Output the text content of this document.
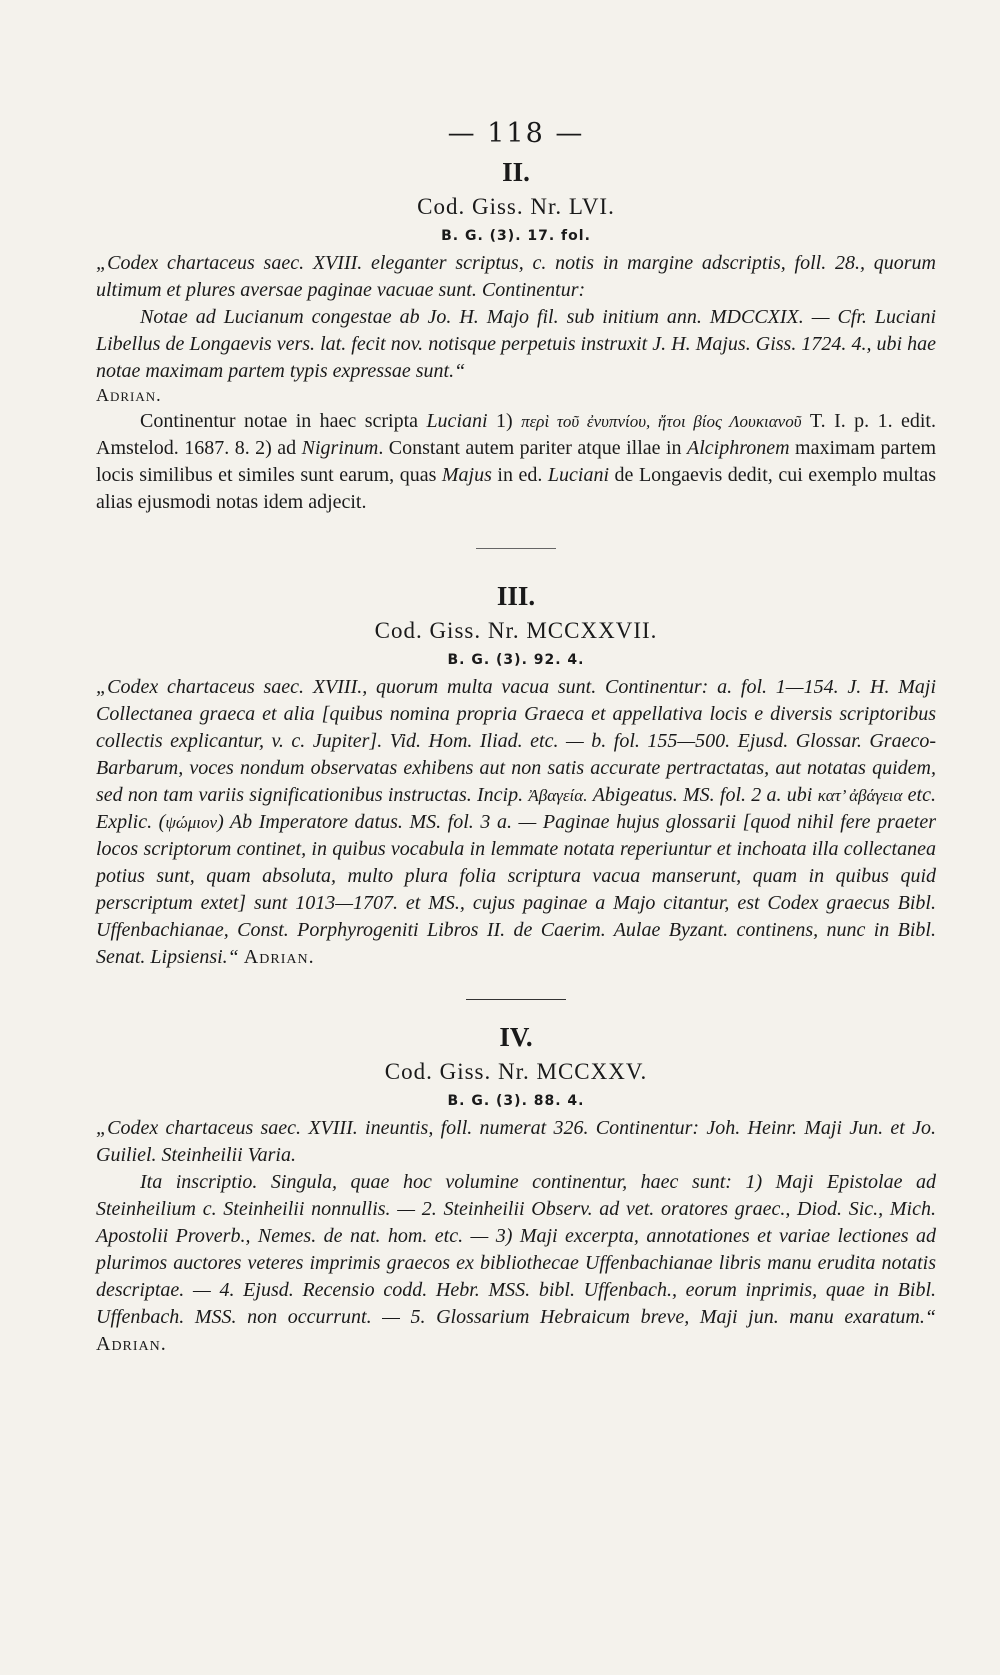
— 118 —
II.
Cod. Giss. Nr. LVI.
B. G. (3). 17. fol.

„Codex chartaceus saec. XVIII. eleganter scriptus, c. notis in margine adscriptis, foll. 28., quorum ultimum et plures aversae paginae vacuae sunt. Continentur:

Notae ad Lucianum congestae ab Jo. H. Majo fil. sub initium ann. MDCCXIX. — Cfr. Luciani Libellus de Longaevis vers. lat. fecit nov. notisque perpetuis instruxit J. H. Majus. Giss. 1724. 4., ubi hae notae maximam partem typis expressae sunt.“

Adrian.

Continentur notae in haec scripta Luciani 1) περὶ τοῦ ἐνυπνίου, ἤτοι βίος Λουκιανοῦ T. I. p. 1. edit. Amstelod. 1687. 8. 2) ad Nigrinum. Constant autem pariter atque illae in Alciphronem maximam partem locis similibus et similes sunt earum, quas Majus in ed. Luciani de Longaevis dedit, cui exemplo multas alias ejusmodi notas idem adjecit.

III.
Cod. Giss. Nr. MCCXXVII.
B. G. (3). 92. 4.

„Codex chartaceus saec. XVIII., quorum multa vacua sunt. Continentur: a. fol. 1—154. J. H. Maji Collectanea graeca et alia [quibus nomina propria Graeca et appellativa locis e diversis scriptoribus collectis explicantur, v. c. Jupiter]. Vid. Hom. Iliad. etc. — b. fol. 155—500. Ejusd. Glossar. Graeco-Barbarum, voces nondum observatas exhibens aut non satis accurate pertractatas, aut notatas quidem, sed non tam variis significationibus instructas. Incip. Ἀβαγεία. Abigeatus. MS. fol. 2 a. ubi κατ’ ἀβάγεια etc. Explic. (ψώμιον) Ab Imperatore datus. MS. fol. 3 a. — Paginae hujus glossarii [quod nihil fere praeter locos scriptorum continet, in quibus vocabula in lemmate notata reperiuntur et inchoata illa collectanea potius sunt, quam absoluta, multo plura folia scriptura vacua manserunt, quam in quibus quid perscriptum extet] sunt 1013—1707. et MS., cujus paginae a Majo citantur, est Codex graecus Bibl. Uffenbachianae, Const. Porphyrogeniti Libros II. de Caerim. Aulae Byzant. continens, nunc in Bibl. Senat. Lipsiensi.“ Adrian.

IV.
Cod. Giss. Nr. MCCXXV.
B. G. (3). 88. 4.

„Codex chartaceus saec. XVIII. ineuntis, foll. numerat 326. Continentur: Joh. Heinr. Maji Jun. et Jo. Guiliel. Steinheilii Varia.

Ita inscriptio. Singula, quae hoc volumine continentur, haec sunt: 1) Maji Epistolae ad Steinheilium c. Steinheilii nonnullis. — 2. Steinheilii Observ. ad vet. oratores graec., Diod. Sic., Mich. Apostolii Proverb., Nemes. de nat. hom. etc. — 3) Maji excerpta, annotationes et variae lectiones ad plurimos auctores veteres imprimis graecos ex bibliothecae Uffenbachianae libris manu erudita notatis descriptae. — 4. Ejusd. Recensio codd. Hebr. MSS. bibl. Uffenbach., eorum inprimis, quae in Bibl. Uffenbach. MSS. non occurrunt. — 5. Glossarium Hebraicum breve, Maji jun. manu exaratum.“ Adrian.
